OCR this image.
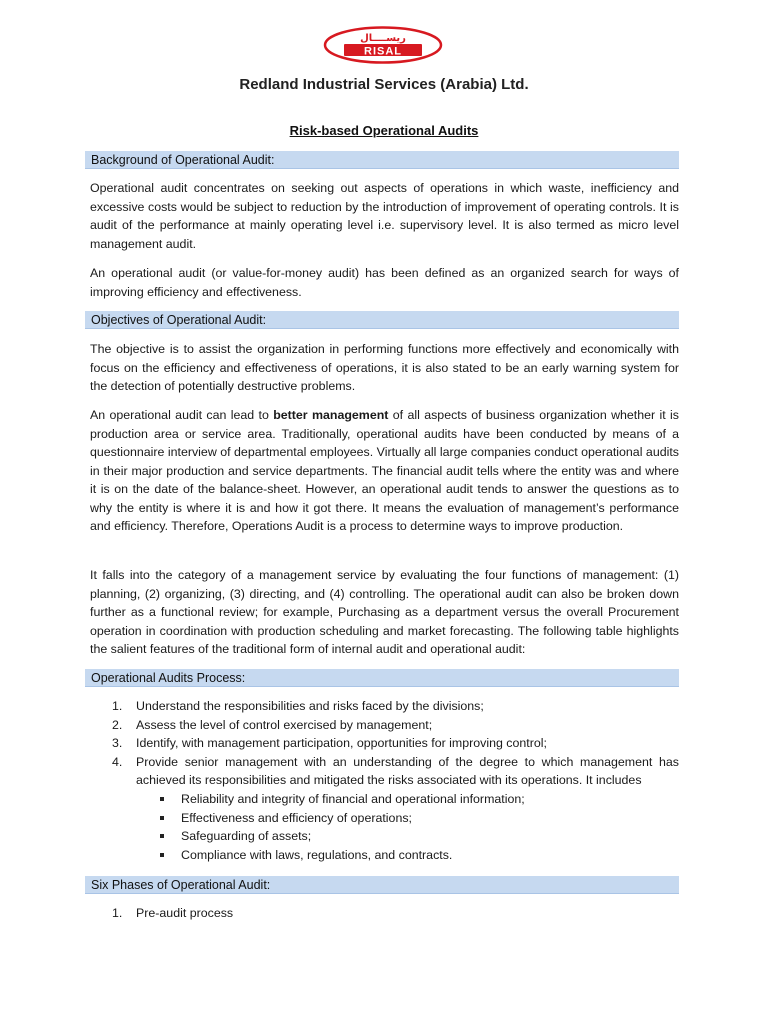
ريســــال
RISAL
Redland Industrial Services (Arabia) Ltd.
Risk-based Operational Audits
Background of Operational Audit:
Operational audit concentrates on seeking out aspects of operations in which waste, inefficiency and excessive costs would be subject to reduction by the introduction of improvement of operating controls. It is audit of the performance at mainly operating level i.e. supervisory level. It is also termed as micro level management audit.
An operational audit (or value-for-money audit) has been defined as an organized search for ways of improving efficiency and effectiveness.
Objectives of Operational Audit:
The objective is to assist the organization in performing functions more effectively and economically with focus on the efficiency and effectiveness of operations, it is also stated to be an early warning system for the detection of potentially destructive problems.
An operational audit can lead to better management of all aspects of business organization whether it is production area or service area. Traditionally, operational audits have been conducted by means of a questionnaire interview of departmental employees. Virtually all large companies conduct operational audits in their major production and service departments. The financial audit tells where the entity was and where it is on the date of the balance-sheet. However, an operational audit tends to answer the questions as to why the entity is where it is and how it got there. It means the evaluation of management’s performance and efficiency. Therefore, Operations Audit is a process to determine ways to improve production.
It falls into the category of a management service by evaluating the four functions of management: (1) planning, (2) organizing, (3) directing, and (4) controlling. The operational audit can also be broken down further as a functional review; for example, Purchasing as a department versus the overall Procurement operation in coordination with production scheduling and market forecasting. The following table highlights the salient features of the traditional form of internal audit and operational audit:
Operational Audits Process:
1. Understand the responsibilities and risks faced by the divisions;
2. Assess the level of control exercised by management;
3. Identify, with management participation, opportunities for improving control;
4. Provide senior management with an understanding of the degree to which management has achieved its responsibilities and mitigated the risks associated with its operations. It includes
Reliability and integrity of financial and operational information;
Effectiveness and efficiency of operations;
Safeguarding of assets;
Compliance with laws, regulations, and contracts.
Six Phases of Operational Audit:
1. Pre-audit process
